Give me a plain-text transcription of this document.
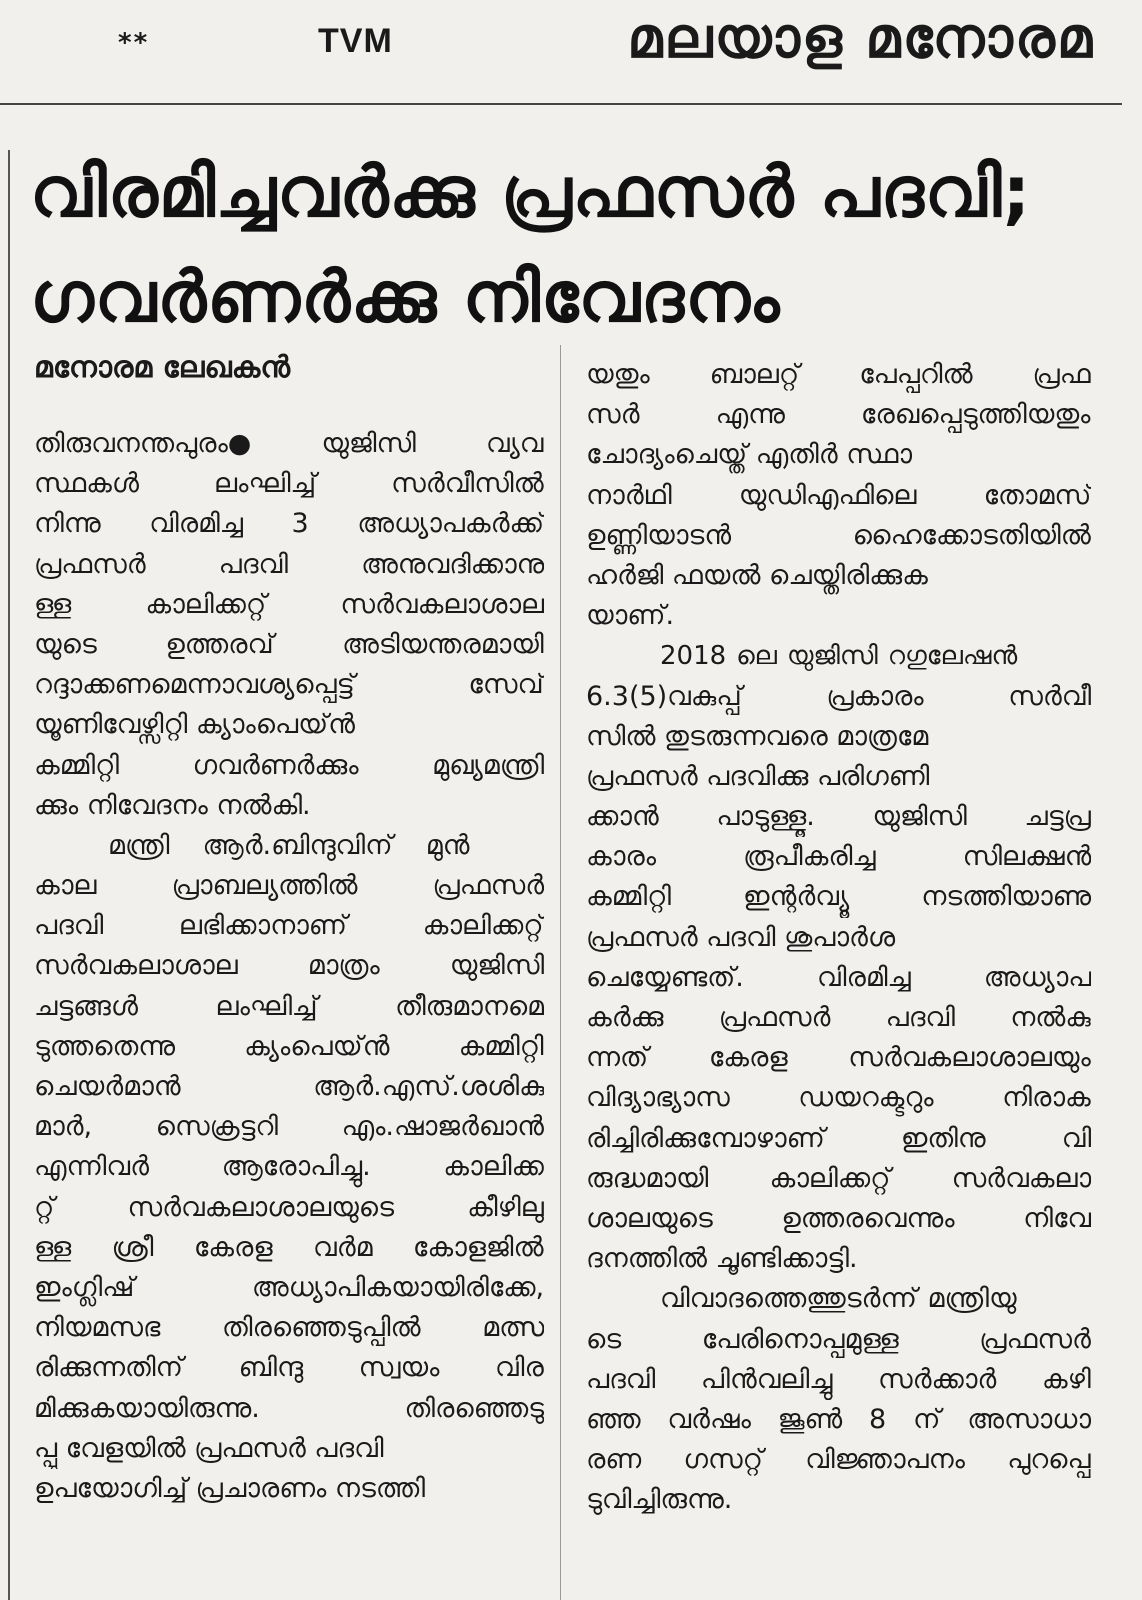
**	TVM	മലയാള മനോരമ
വിരമിച്ചവർക്കു പ്രഫസർ പദവി;
ഗവർണർക്കു നിവേദനം
മനോരമ ലേഖകൻ
തിരുവനന്തപുരം● യുജിസി വ്യവ
സ്ഥകൾ ലംഘിച്ച് സർവീസിൽ
നിന്നു വിരമിച്ച 3 അധ്യാപകർക്ക്
പ്രഫസർ പദവി അനുവദിക്കാനു
ള്ള കാലിക്കറ്റ് സർവകലാശാല
യുടെ ഉത്തരവ് അടിയന്തരമായി
റദ്ദാക്കണമെന്നാവശ്യപ്പെട്ട് സേവ്
യൂണിവേഴ്സിറ്റി ക്യാംപെയ്ൻ
കമ്മിറ്റി ഗവർണർക്കും മുഖ്യമന്ത്രി
ക്കും നിവേദനം നൽകി.
മന്ത്രി ആർ.ബിന്ദുവിന് മുൻ
കാല പ്രാബല്യത്തിൽ പ്രഫസർ
പദവി ലഭിക്കാനാണ് കാലിക്കറ്റ്
സർവകലാശാല മാത്രം യുജിസി
ചട്ടങ്ങൾ ലംഘിച്ച് തീരുമാനമെ
ടുത്തതെന്നു ക്യംപെയ്ൻ കമ്മിറ്റി
ചെയർമാൻ ആർ.എസ്.ശശികു
മാർ, സെക്രട്ടറി എം.ഷാജർഖാൻ
എന്നിവർ ആരോപിച്ചു. കാലിക്ക
റ്റ് സർവകലാശാലയുടെ കീഴിലു
ള്ള ശ്രീ കേരള വർമ കോളജിൽ
ഇംഗ്ലിഷ് അധ്യാപികയായിരിക്കേ,
നിയമസഭ തിരഞ്ഞെടുപ്പിൽ മത്സ
രിക്കുന്നതിന് ബിന്ദു സ്വയം വിര
മിക്കുകയായിരുന്നു. തിരഞ്ഞെടു
പ്പു വേളയിൽ പ്രഫസർ പദവി
ഉപയോഗിച്ച് പ്രചാരണം നടത്തി
യതും ബാലറ്റ് പേപ്പറിൽ പ്രഫ
സർ എന്നു രേഖപ്പെടുത്തിയതും
ചോദ്യംചെയ്ത് എതിർ സ്ഥാ
നാർഥി യുഡിഎഫിലെ തോമസ്
ഉണ്ണിയാടൻ ഹൈക്കോടതിയിൽ
ഹർജി ഫയൽ ചെയ്തിരിക്കുക
യാണ്.
2018 ലെ യുജിസി റഗുലേഷൻ
6.3(5)വകുപ്പ് പ്രകാരം സർവീ
സിൽ തുടരുന്നവരെ മാത്രമേ
പ്രഫസർ പദവിക്കു പരിഗണി
ക്കാൻ പാടുള്ളൂ. യുജിസി ചട്ടപ്ര
കാരം രൂപീകരിച്ച സിലക്ഷൻ
കമ്മിറ്റി ഇന്റർവ്യൂ നടത്തിയാണു
പ്രഫസർ പദവി ശുപാർശ
ചെയ്യേണ്ടത്. വിരമിച്ച അധ്യാപ
കർക്കു പ്രഫസർ പദവി നൽകു
ന്നത് കേരള സർവകലാശാലയും
വിദ്യാഭ്യാസ ഡയറക്ടറും നിരാക
രിച്ചിരിക്കുമ്പോഴാണ് ഇതിനു വി
രുദ്ധമായി കാലിക്കറ്റ് സർവകലാ
ശാലയുടെ ഉത്തരവെന്നും നിവേ
ദനത്തിൽ ചൂണ്ടിക്കാട്ടി.
വിവാദത്തെത്തുടർന്ന് മന്ത്രിയു
ടെ പേരിനൊപ്പമുള്ള പ്രഫസർ
പദവി പിൻവലിച്ചു സർക്കാർ കഴി
ഞ്ഞ വർഷം ജൂൺ 8 ന് അസാധാ
രണ ഗസറ്റ് വിജ്ഞാപനം പുറപ്പെ
ടുവിച്ചിരുന്നു.
